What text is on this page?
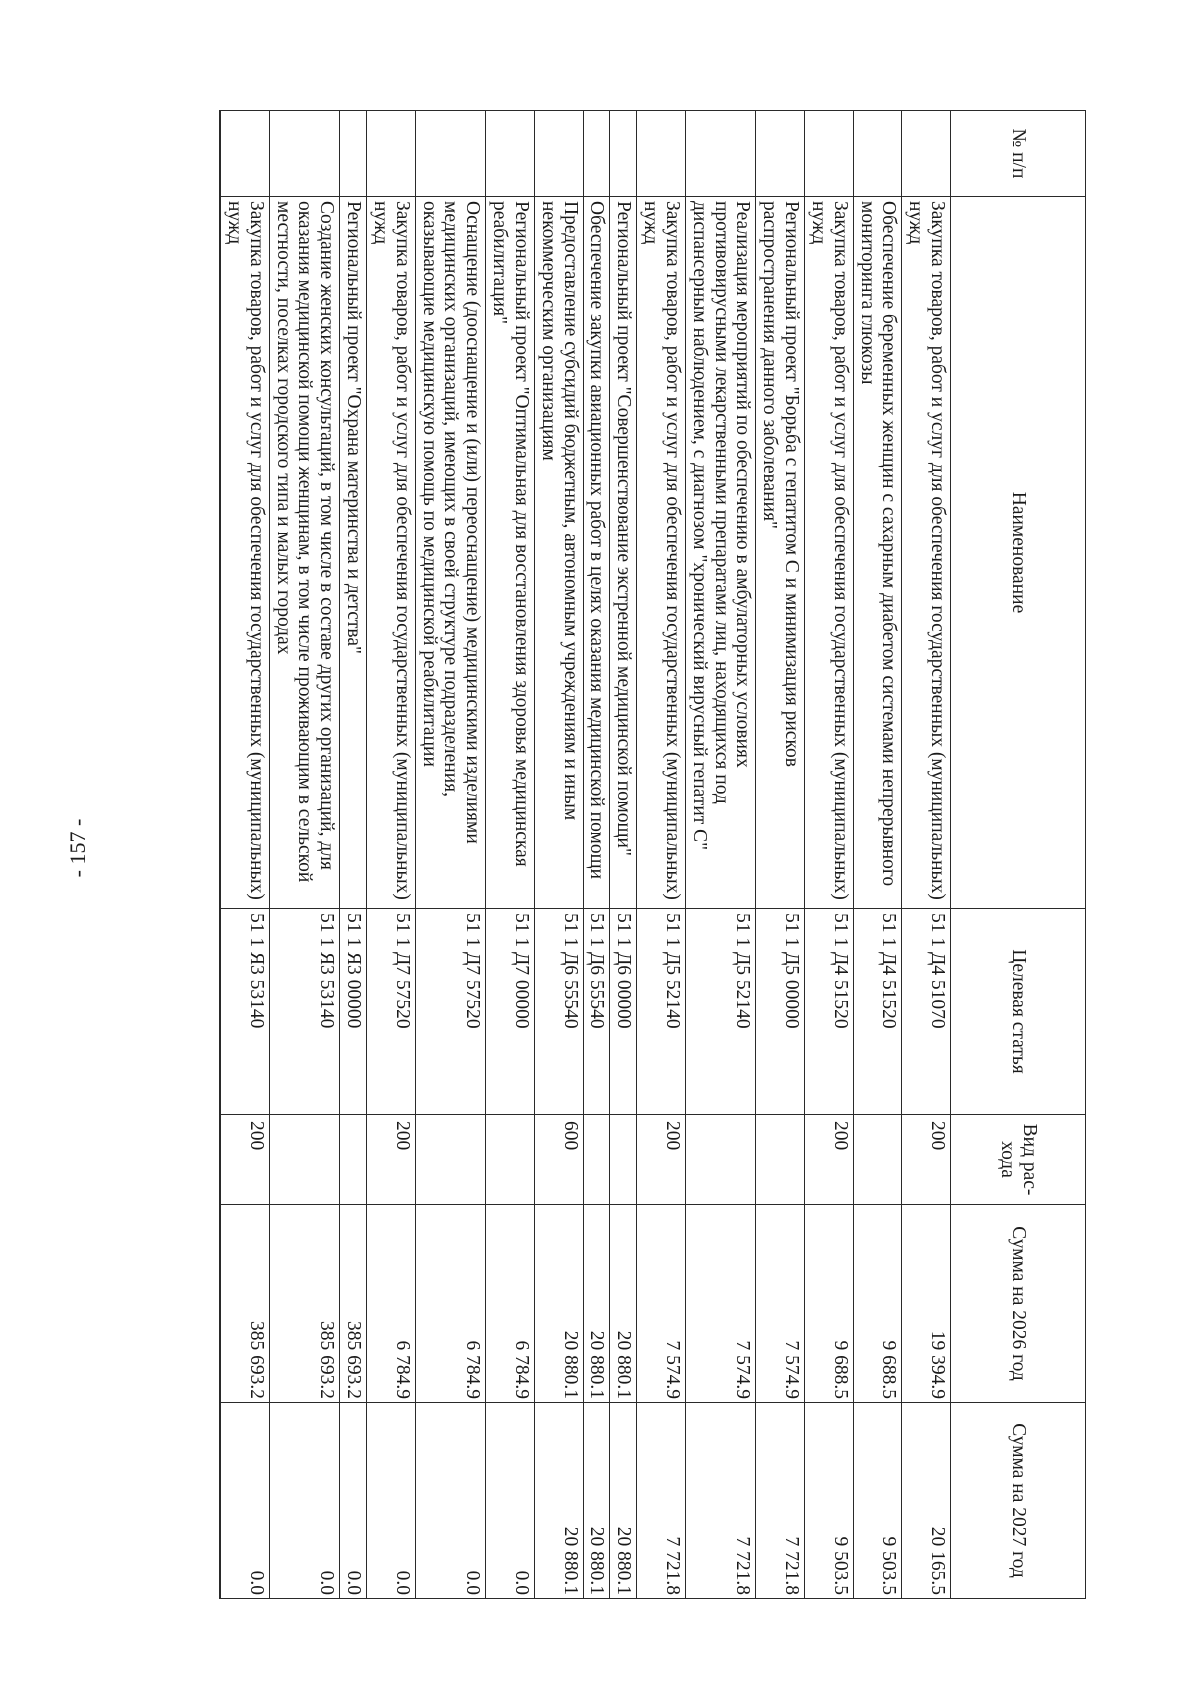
- 157 -
№ п/п	Наименование	Целевая статья	Вид рас- хода	Сумма на 2026 год	Сумма на 2027 год
	Закупка товаров, работ и услуг для обеспечения государственных (муниципальных) нужд	51 1 Д4 51070	200	19 394.9	20 165.5
	Обеспечение беременных женщин с сахарным диабетом системами непрерывного мониторинга глюкозы	51 1 Д4 51520		9 688.5	9 503.5
	Закупка товаров, работ и услуг для обеспечения государственных (муниципальных) нужд	51 1 Д4 51520	200	9 688.5	9 503.5
	Региональный проект "Борьба с гепатитом С и минимизация рисков распространения данного заболевания"	51 1 Д5 00000		7 574.9	7 721.8
	Реализация мероприятий по обеспечению в амбулаторных условиях противовирусными лекарственными препаратами лиц, находящихся под диспансерным наблюдением, с диагнозом "хронический вирусный гепатит С"	51 1 Д5 52140		7 574.9	7 721.8
	Закупка товаров, работ и услуг для обеспечения государственных (муниципальных) нужд	51 1 Д5 52140	200	7 574.9	7 721.8
	Региональный проект "Совершенствование экстренной медицинской помощи"	51 1 Д6 00000		20 880.1	20 880.1
	Обеспечение закупки авиационных работ в целях оказания медицинской помощи	51 1 Д6 55540		20 880.1	20 880.1
	Предоставление субсидий бюджетным, автономным учреждениям и иным некоммерческим организациям	51 1 Д6 55540	600	20 880.1	20 880.1
	Региональный проект "Оптимальная для восстановления здоровья медицинская реабилитация"	51 1 Д7 00000		6 784.9	0.0
	Оснащение (дооснащение и (или) переоснащение) медицинскими изделиями медицинских организаций, имеющих в своей структуре подразделения, оказывающие медицинскую помощь по медицинской реабилитации	51 1 Д7 57520		6 784.9	0.0
	Закупка товаров, работ и услуг для обеспечения государственных (муниципальных) нужд	51 1 Д7 57520	200	6 784.9	0.0
	Региональный проект "Охрана материнства и детства"	51 1 Я3 00000		385 693.2	0.0
	Создание женских консультаций, в том числе в составе других организаций, для оказания медицинской помощи женщинам, в том числе проживающим в сельской местности, поселках городского типа и малых городах	51 1 Я3 53140		385 693.2	0.0
	Закупка товаров, работ и услуг для обеспечения государственных (муниципальных) нужд	51 1 Я3 53140	200	385 693.2	0.0
